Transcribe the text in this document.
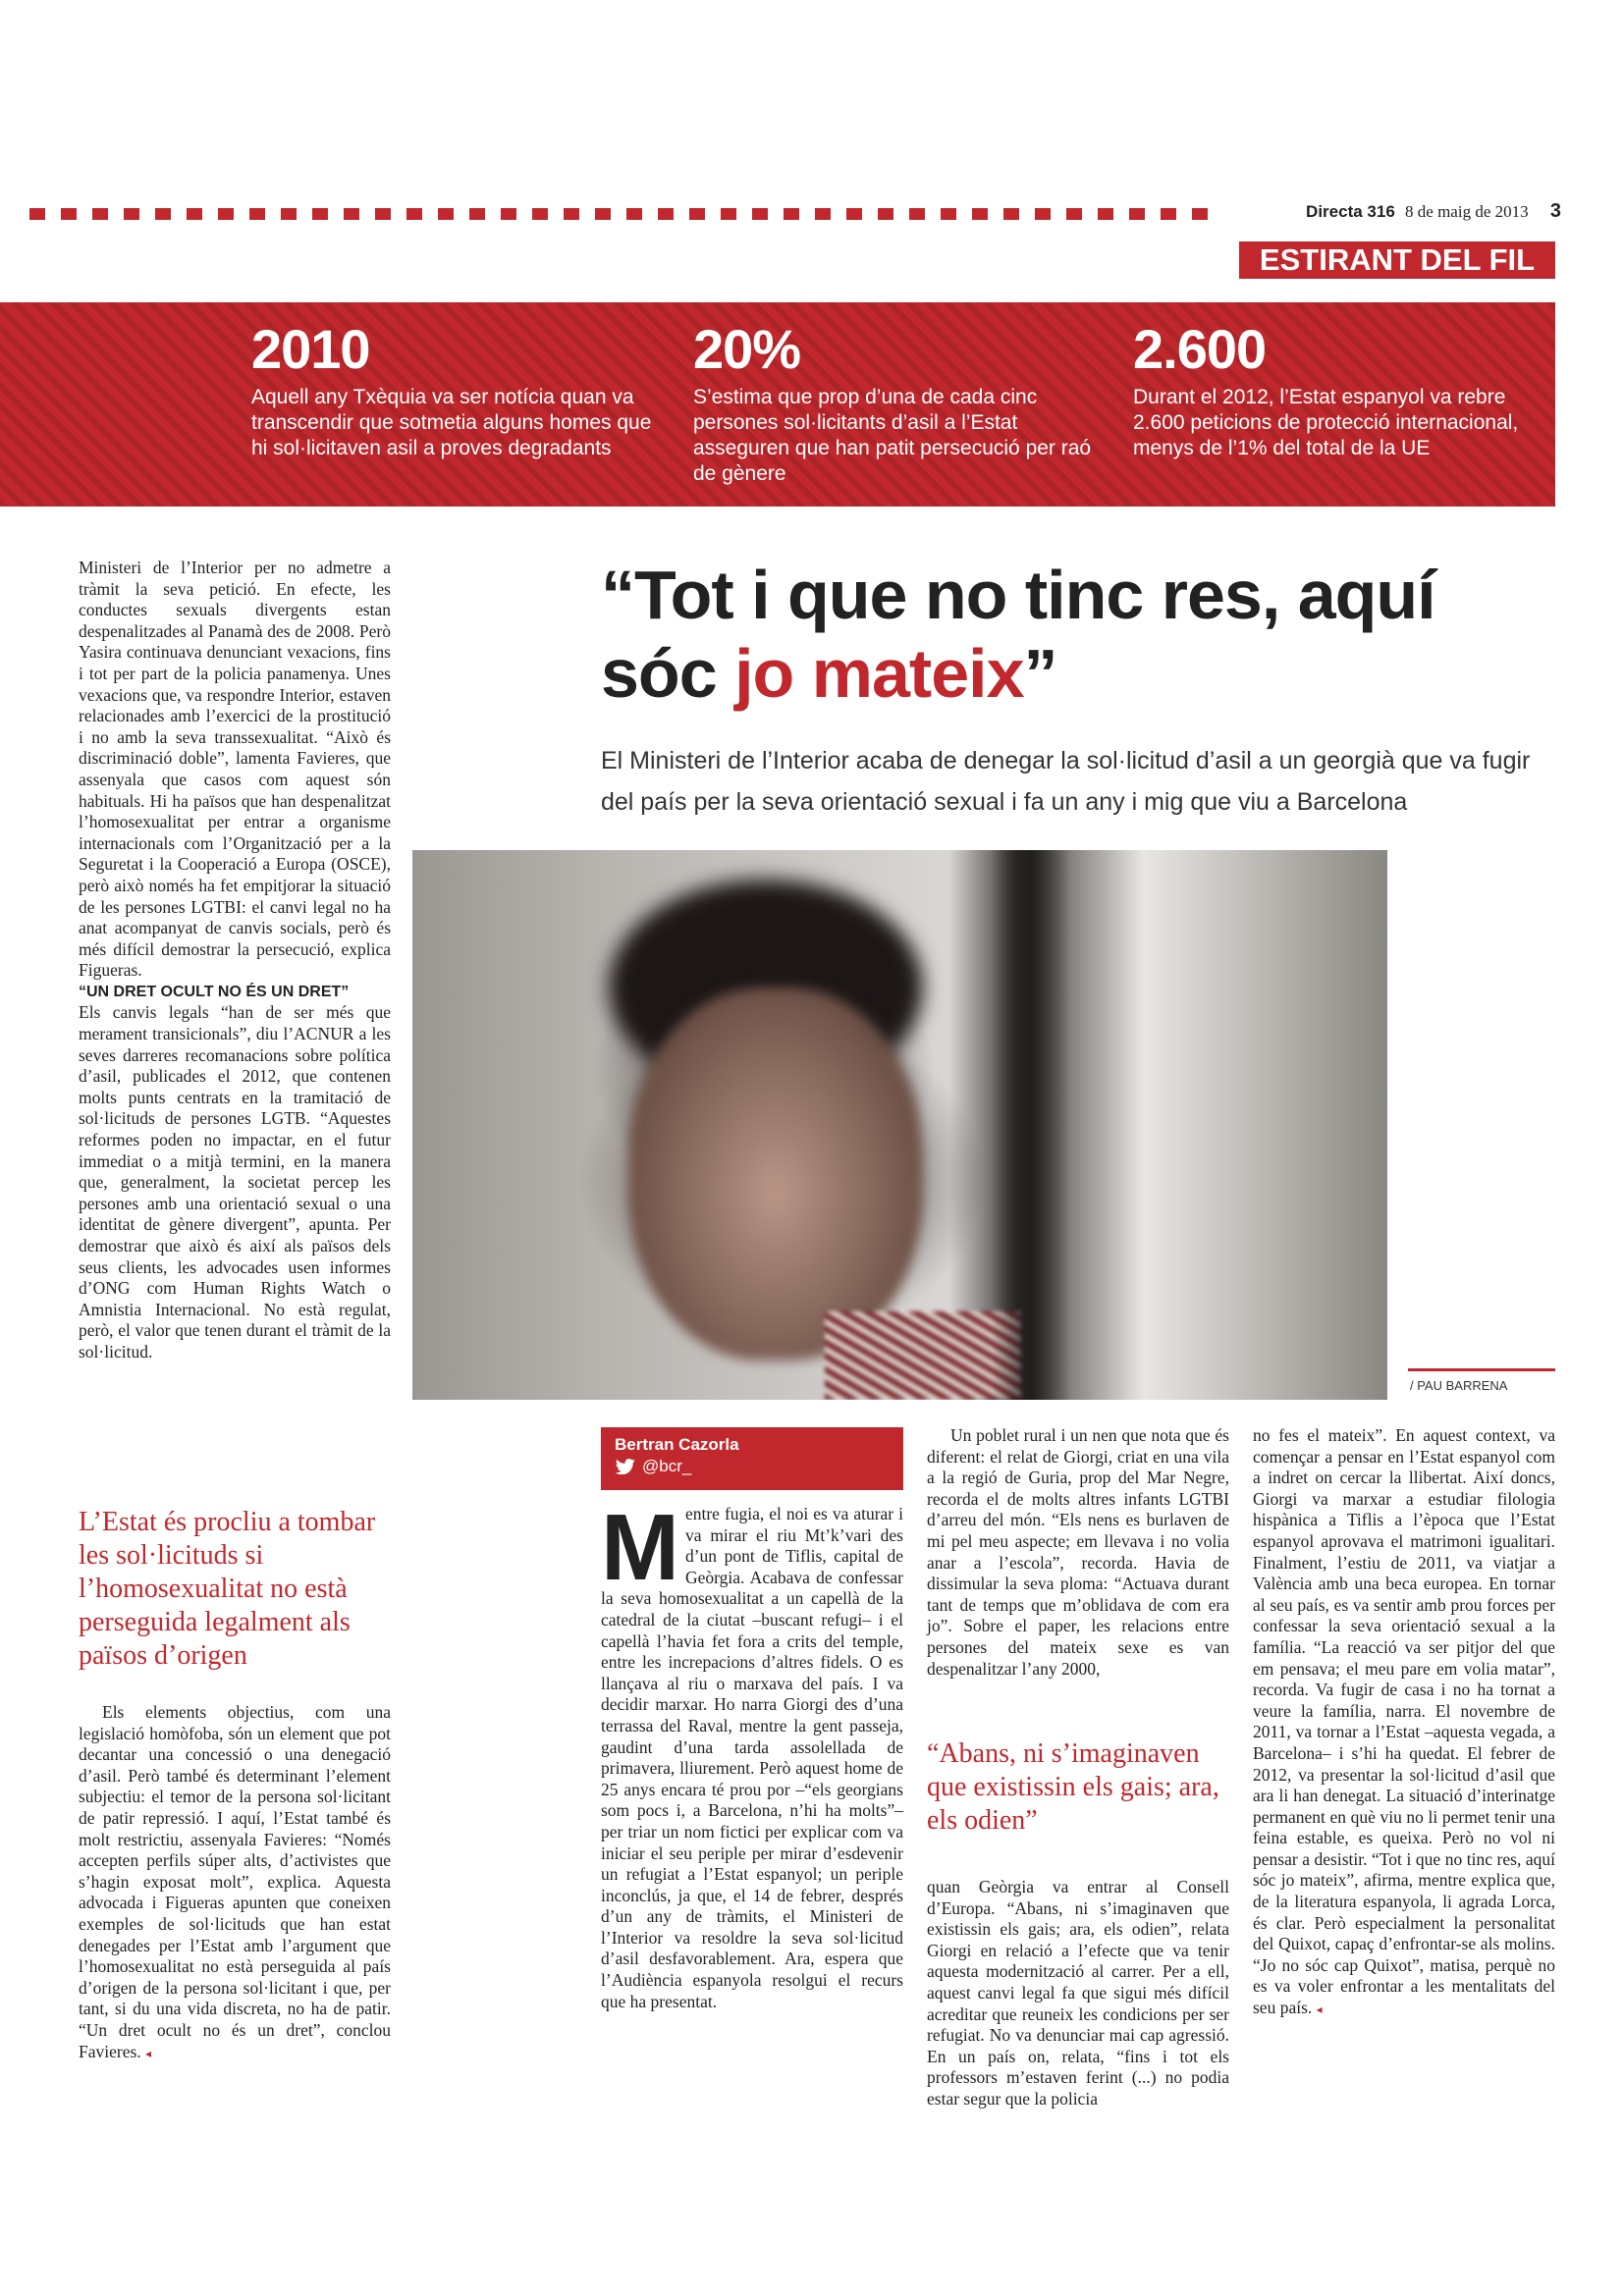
Directa 316 8 de maig de 2013 3
ESTIRANT DEL FIL
2010
Aquell any Txèquia va ser notícia quan va transcendir que sotmetia alguns homes que hi sol·licitaven asil a proves degradants
20%
S’estima que prop d’una de cada cinc persones sol·licitants d’asil a l’Estat asseguren que han patit persecució per raó de gènere
2.600
Durant el 2012, l’Estat espanyol va rebre 2.600 peticions de protecció internacional, menys de l’1% del total de la UE
“Tot i que no tinc res, aquí sóc jo mateix”
El Ministeri de l’Interior acaba de denegar la sol·licitud d’asil a un georgià que va fugir del país per la seva orientació sexual i fa un any i mig que viu a Barcelona
/ PAU BARRENA

Ministeri de l’Interior per no admetre a tràmit la seva petició. En efecte, les conductes sexuals divergents estan despenalitzades al Panamà des de 2008. Però Yasira continuava denunciant vexacions, fins i tot per part de la policia panamenya. Unes vexacions que, va respondre Interior, estaven relacionades amb l’exercici de la prostitució i no amb la seva transsexualitat. “Això és discriminació doble”, lamenta Favieres, que assenyala que casos com aquest són habituals. Hi ha països que han despenalitzat l’homosexualitat per entrar a organisme internacionals com l’Organització per a la Seguretat i la Cooperació a Europa (OSCE), però això només ha fet empitjorar la situació de les persones LGTBI: el canvi legal no ha anat acompanyat de canvis socials, però és més difícil demostrar la persecució, explica Figueras.

“UN DRET OCULT NO ÉS UN DRET”

Els canvis legals “han de ser més que merament transicionals”, diu l’ACNUR a les seves darreres recomanacions sobre política d’asil, publicades el 2012, que contenen molts punts centrats en la tramitació de sol·licituds de persones LGTB. “Aquestes reformes poden no impactar, en el futur immediat o a mitjà termini, en la manera que, generalment, la societat percep les persones amb una orientació sexual o una identitat de gènere divergent”, apunta. Per demostrar que això és així als països dels seus clients, les advocades usen informes d’ONG com Human Rights Watch o Amnistia Internacional. No està regulat, però, el valor que tenen durant el tràmit de la sol·licitud.

L’Estat és procliu a tombar les sol·licituds si l’homosexualitat no està perseguida legalment als països d’origen

Els elements objectius, com una legislació homòfoba, són un element que pot decantar una concessió o una denegació d’asil. Però també és determinant l’element subjectiu: el temor de la persona sol·licitant de patir repressió. I aquí, l’Estat també és molt restrictiu, assenyala Favieres: “Només accepten perfils súper alts, d’activistes que s’hagin exposat molt”, explica. Aquesta advocada i Figueras apunten que coneixen exemples de sol·licituds que han estat denegades per l’Estat amb l’argument que l’homosexualitat no està perseguida al país d’origen de la persona sol·licitant i que, per tant, si du una vida discreta, no ha de patir. “Un dret ocult no és un dret”, conclou Favieres. ◂

Bertran Cazorla
@bcr_
Mentre fugia, el noi es va aturar i va mirar el riu Mt’k’vari des d’un pont de Tiflis, capital de Geòrgia. Acabava de confessar la seva homosexualitat a un capellà de la catedral de la ciutat –buscant refugi– i el capellà l’havia fet fora a crits del temple, entre les increpacions d’altres fidels. O es llançava al riu o marxava del país. I va decidir marxar. Ho narra Giorgi des d’una terrassa del Raval, mentre la gent passeja, gaudint d’una tarda assolellada de primavera, lliurement. Però aquest home de 25 anys encara té prou por –“els georgians som pocs i, a Barcelona, n’hi ha molts”– per triar un nom fictici per explicar com va iniciar el seu periple per mirar d’esdevenir un refugiat a l’Estat espanyol; un periple inconclús, ja que, el 14 de febrer, després d’un any de tràmits, el Ministeri de l’Interior va resoldre la seva sol·licitud d’asil desfavorablement. Ara, espera que l’Audiència espanyola resolgui el recurs que ha presentat.

Un poblet rural i un nen que nota que és diferent: el relat de Giorgi, criat en una vila a la regió de Guria, prop del Mar Negre, recorda el de molts altres infants LGTBI d’arreu del món. “Els nens es burlaven de mi pel meu aspecte; em llevava i no volia anar a l’escola”, recorda. Havia de dissimular la seva ploma: “Actuava durant tant de temps que m’oblidava de com era jo”. Sobre el paper, les relacions entre persones del mateix sexe es van despenalitzar l’any 2000,

“Abans, ni s’imaginaven que existissin els gais; ara, els odien”

quan Geòrgia va entrar al Consell d’Europa. “Abans, ni s’imaginaven que existissin els gais; ara, els odien”, relata Giorgi en relació a l’efecte que va tenir aquesta modernització al carrer. Per a ell, aquest canvi legal fa que sigui més difícil acreditar que reuneix les condicions per ser refugiat. No va denunciar mai cap agressió. En un país on, relata, “fins i tot els professors m’estaven ferint (...) no podia estar segur que la policia

no fes el mateix”. En aquest context, va començar a pensar en l’Estat espanyol com a indret on cercar la llibertat. Així doncs, Giorgi va marxar a estudiar filologia hispànica a Tiflis a l’època que l’Estat espanyol aprovava el matrimoni igualitari. Finalment, l’estiu de 2011, va viatjar a València amb una beca europea. En tornar al seu país, es va sentir amb prou forces per confessar la seva orientació sexual a la família. “La reacció va ser pitjor del que em pensava; el meu pare em volia matar”, recorda. Va fugir de casa i no ha tornat a veure la família, narra. El novembre de 2011, va tornar a l’Estat –aquesta vegada, a Barcelona– i s’hi ha quedat. El febrer de 2012, va presentar la sol·licitud d’asil que ara li han denegat. La situació d’interinatge permanent en què viu no li permet tenir una feina estable, es queixa. Però no vol ni pensar a desistir. “Tot i que no tinc res, aquí sóc jo mateix”, afirma, mentre explica que, de la literatura espanyola, li agrada Lorca, és clar. Però especialment la personalitat del Quixot, capaç d’enfrontar-se als molins. “Jo no sóc cap Quixot”, matisa, perquè no es va voler enfrontar a les mentalitats del seu país. ◂
